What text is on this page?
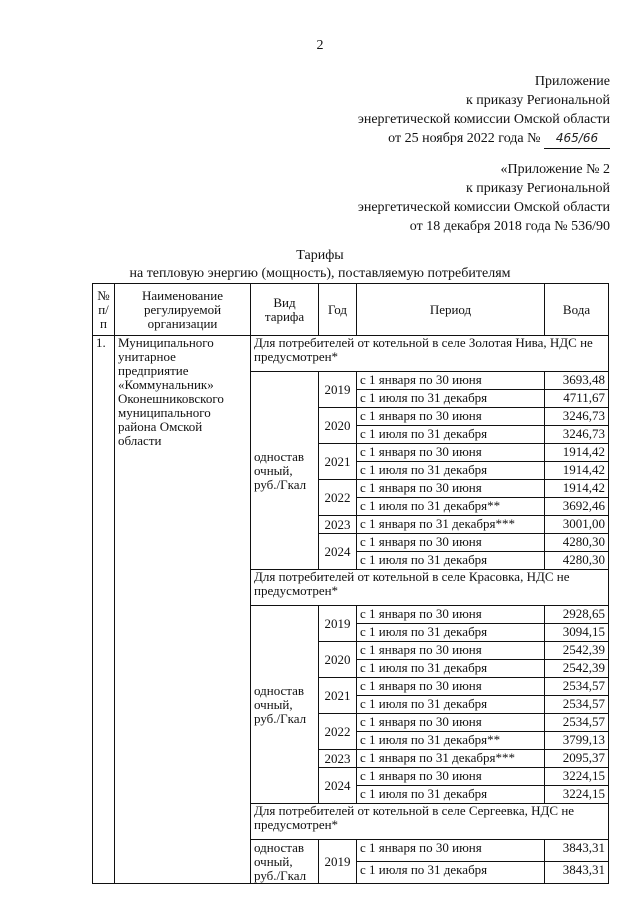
2
Приложение
к приказу Региональной
энергетической комиссии Омской области
от 25 ноября 2022 года № 465/66
«Приложение № 2
к приказу Региональной
энергетической комиссии Омской области
от 18 декабря 2018 года № 536/90
Тарифы
на тепловую энергию (мощность), поставляемую потребителям
№ п/п	Наименование регулируемой организации	Вид тарифа	Год	Период	Вода
1.	Муниципального унитарное предприятие «Коммунальник» Оконешниковского муниципального района Омской области	Для потребителей от котельной в селе Золотая Нива, НДС не предусмотрен*			
		одностав очный, руб./Гкал	2019	с 1 января по 30 июня	3693,48
				с 1 июля по 31 декабря	4711,67
			2020	с 1 января по 30 июня	3246,73
				с 1 июля по 31 декабря	3246,73
			2021	с 1 января по 30 июня	1914,42
				с 1 июля по 31 декабря	1914,42
			2022	с 1 января по 30 июня	1914,42
				с 1 июля по 31 декабря**	3692,46
			2023	с 1 января по 31 декабря***	3001,00
			2024	с 1 января по 30 июня	4280,30
				с 1 июля по 31 декабря	4280,30
		Для потребителей от котельной в селе Красовка, НДС не предусмотрен*			
		одностав очный, руб./Гкал	2019	с 1 января по 30 июня	2928,65
				с 1 июля по 31 декабря	3094,15
			2020	с 1 января по 30 июня	2542,39
				с 1 июля по 31 декабря	2542,39
			2021	с 1 января по 30 июня	2534,57
				с 1 июля по 31 декабря	2534,57
			2022	с 1 января по 30 июня	2534,57
				с 1 июля по 31 декабря**	3799,13
			2023	с 1 января по 31 декабря***	2095,37
			2024	с 1 января по 30 июня	3224,15
				с 1 июля по 31 декабря	3224,15
		Для потребителей от котельной в селе Сергеевка, НДС не предусмотрен*			
		одностав очный, руб./Гкал	2019	с 1 января по 30 июня	3843,31
				с 1 июля по 31 декабря	3843,31
